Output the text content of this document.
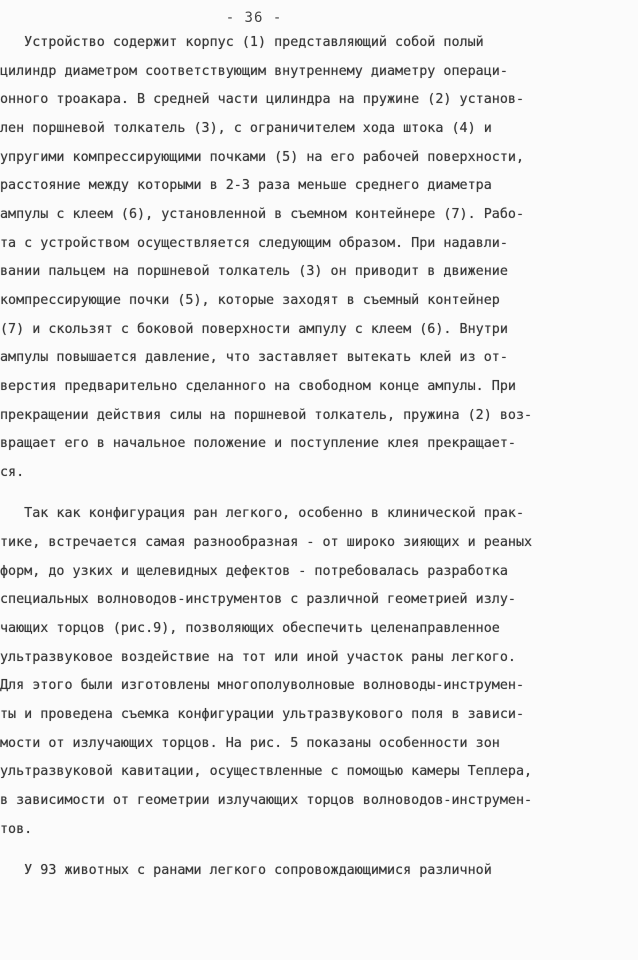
- 36 -
Устройство содержит корпус (1) представляющий собой полый
цилиндр диаметром соответствующим внутреннему диаметру операци-
онного троакара. В средней части цилиндра на пружине (2) установ-
лен поршневой толкатель (3), с ограничителем хода штока (4) и
упругими компрессирующими почками (5) на его рабочей поверхности,
расстояние между которыми в 2-3 раза меньше среднего диаметра
ампулы с клеем (6), установленной в съемном контейнере (7). Рабо-
та с устройством осуществляется следующим образом. При надавли-
вании пальцем на поршневой толкатель (3) он приводит в движение
компрессирующие почки (5), которые заходят в съемный контейнер
(7) и скользят с боковой поверхности ампулу с клеем (6). Внутри
ампулы повышается давление, что заставляет вытекать клей из от-
верстия предварительно сделанного на свободном конце ампулы. При
прекращении действия силы на поршневой толкатель, пружина (2) воз-
вращает его в начальное положение и поступление клея прекращает-
ся.
Так как конфигурация ран легкого, особенно в клинической прак-
тике, встречается самая разнообразная - от широко зияющих и реаных
форм, до узких и щелевидных дефектов - потребовалась разработка
специальных волноводов-инструментов с различной геометрией излу-
чающих торцов (рис.9), позволяющих обеспечить целенаправленное
ультразвуковое воздействие на тот или иной участок раны легкого.
Для этого были изготовлены многополуволновые волноводы-инструмен-
ты и проведена съемка конфигурации ультразвукового поля в зависи-
мости от излучающих торцов. На рис. 5 показаны особенности зон
ультразвуковой кавитации, осуществленные с помощью камеры Теплера,
в зависимости от геометрии излучающих торцов волноводов-инструмен-
тов.
У 93 животных с ранами легкого сопровождающимися различной
